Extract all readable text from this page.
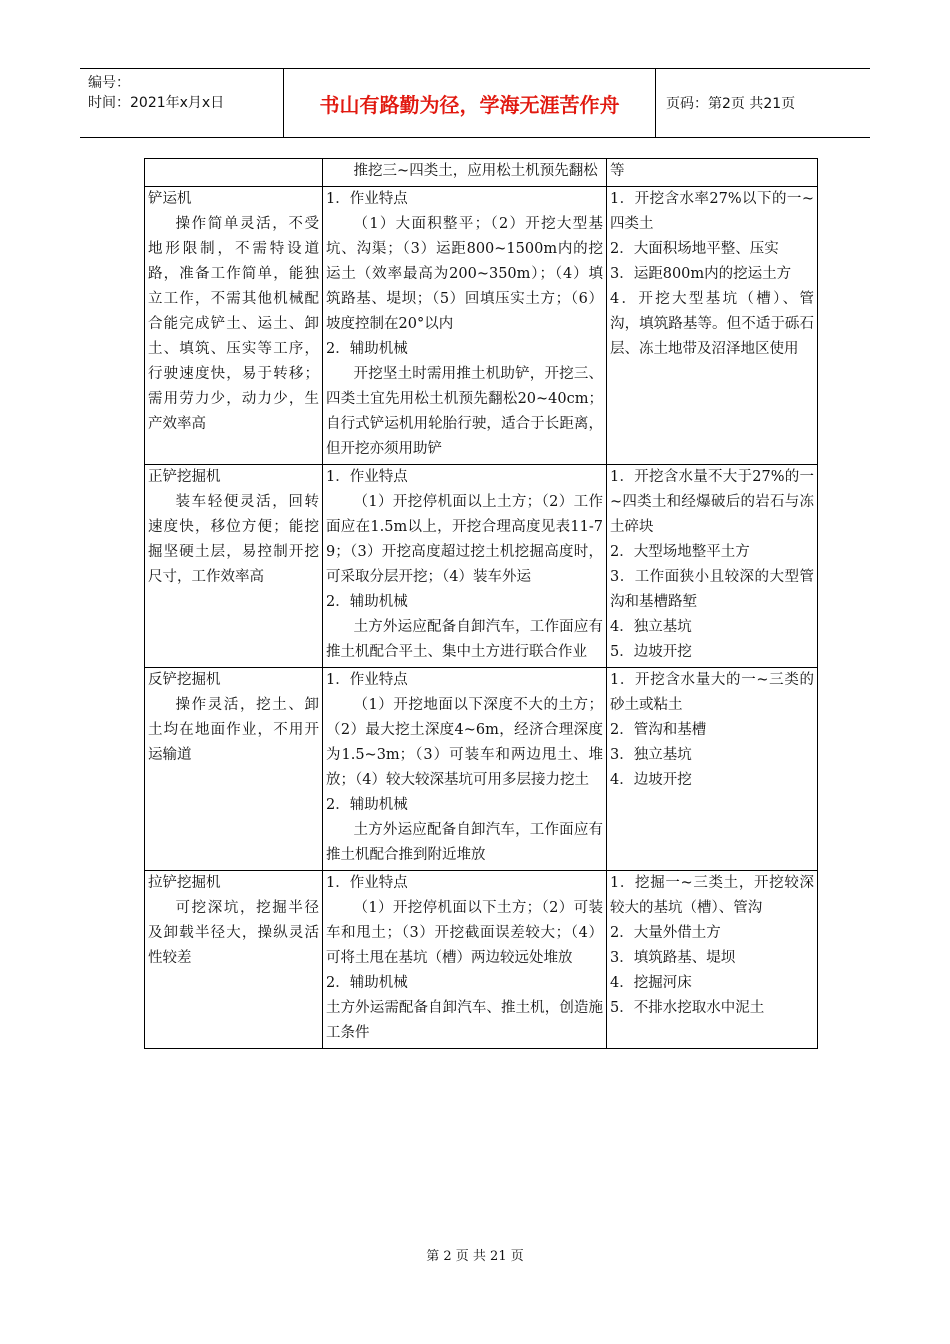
编号：
时间：2021年x月x日	书山有路勤为径，学海无涯苦作舟	页码：第2页 共21页

	推挖三~四类土，应用松土机预先翻松	等

铲运机
操作简单灵活，不受地形限制，不需特设道路，准备工作简单，能独立工作，不需其他机械配合能完成铲土、运土、卸土、填筑、压实等工序，行驶速度快，易于转移；需用劳力少，动力少，生产效率高	1．作业特点
（1）大面积整平；（2）开挖大型基坑、沟渠；（3）运距800~1500m内的挖运土（效率最高为200~350m）；（4）填筑路基、堤坝；（5）回填压实土方；（6）坡度控制在20°以内
2．辅助机械
开挖坚土时需用推土机助铲，开挖三、四类土宜先用松土机预先翻松20~40cm；自行式铲运机用轮胎行驶，适合于长距离，但开挖亦须用助铲	1．开挖含水率27%以下的一~四类土
2．大面积场地平整、压实
3．运距800m内的挖运土方
4．开挖大型基坑（槽）、管沟，填筑路基等。但不适于砾石层、冻土地带及沼泽地区使用

正铲挖掘机
装车轻便灵活，回转速度快，移位方便；能挖掘坚硬土层，易控制开挖尺寸，工作效率高	1．作业特点
（1）开挖停机面以上土方；（2）工作面应在1.5m以上，开挖合理高度见表11-79；（3）开挖高度超过挖土机挖掘高度时，可采取分层开挖；（4）装车外运
2．辅助机械
土方外运应配备自卸汽车，工作面应有推土机配合平土、集中土方进行联合作业	1．开挖含水量不大于27%的一~四类土和经爆破后的岩石与冻土碎块
2．大型场地整平土方
3．工作面狭小且较深的大型管沟和基槽路堑
4．独立基坑
5．边坡开挖

反铲挖掘机
操作灵活，挖土、卸土均在地面作业，不用开运输道	1．作业特点
（1）开挖地面以下深度不大的土方；（2）最大挖土深度4~6m，经济合理深度为1.5~3m；（3）可装车和两边甩土、堆放；（4）较大较深基坑可用多层接力挖土
2．辅助机械
土方外运应配备自卸汽车，工作面应有推土机配合推到附近堆放	1．开挖含水量大的一~三类的砂土或粘土
2．管沟和基槽
3．独立基坑
4．边坡开挖

拉铲挖掘机
可挖深坑，挖掘半径及卸载半径大，操纵灵活性较差	1．作业特点
（1）开挖停机面以下土方；（2）可装车和甩土；（3）开挖截面误差较大；（4）可将土甩在基坑（槽）两边较远处堆放
2．辅助机械
土方外运需配备自卸汽车、推土机，创造施工条件	1．挖掘一~三类土，开挖较深较大的基坑（槽）、管沟
2．大量外借土方
3．填筑路基、堤坝
4．挖掘河床
5．不排水挖取水中泥土
第 2 页 共 21 页
